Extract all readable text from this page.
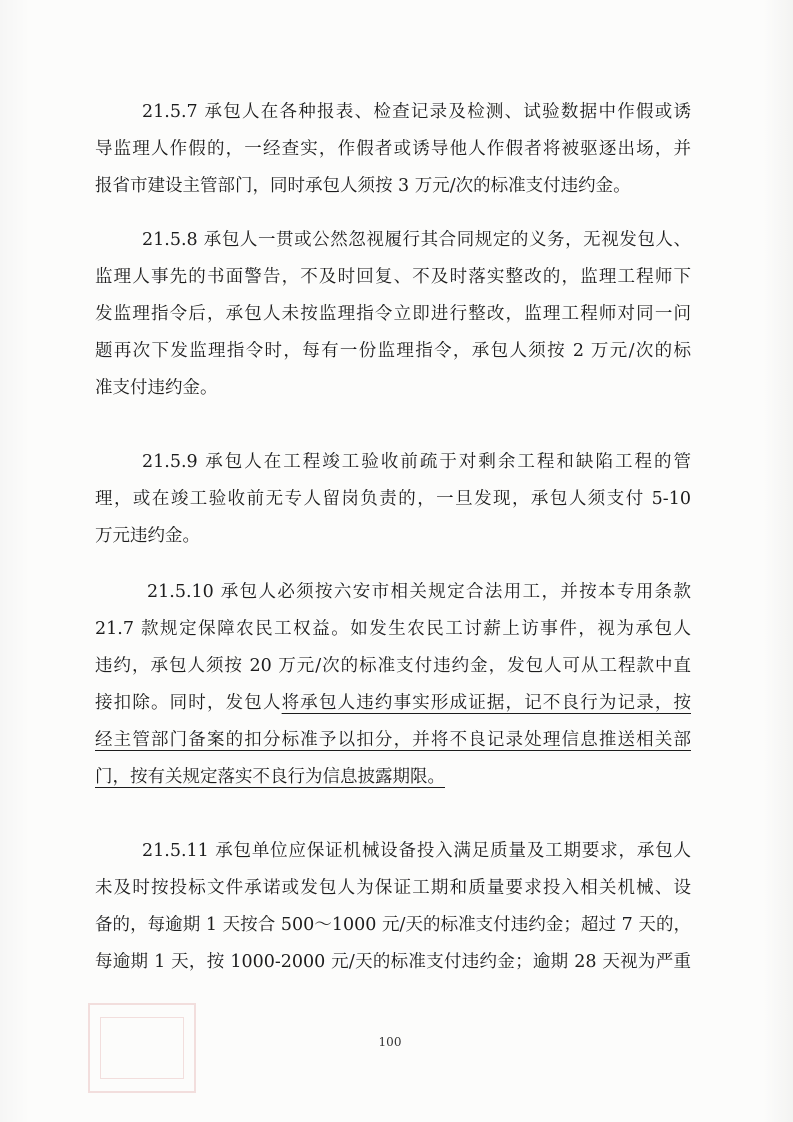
21.5.7 承包人在各种报表、检查记录及检测、试验数据中作假或诱
导监理人作假的，一经查实，作假者或诱导他人作假者将被驱逐出场，并
报省市建设主管部门，同时承包人须按 3 万元/次的标准支付违约金。
21.5.8 承包人一贯或公然忽视履行其合同规定的义务，无视发包人、
监理人事先的书面警告，不及时回复、不及时落实整改的，监理工程师下
发监理指令后，承包人未按监理指令立即进行整改，监理工程师对同一问
题再次下发监理指令时，每有一份监理指令，承包人须按 2 万元/次的标
准支付违约金。
21.5.9 承包人在工程竣工验收前疏于对剩余工程和缺陷工程的管
理，或在竣工验收前无专人留岗负责的，一旦发现，承包人须支付 5-10
万元违约金。
21.5.10 承包人必须按六安市相关规定合法用工，并按本专用条款
21.7 款规定保障农民工权益。如发生农民工讨薪上访事件，视为承包人
违约，承包人须按 20 万元/次的标准支付违约金，发包人可从工程款中直
接扣除。同时，发包人将承包人违约事实形成证据，记不良行为记录，按
经主管部门备案的扣分标准予以扣分，并将不良记录处理信息推送相关部
门，按有关规定落实不良行为信息披露期限。
21.5.11 承包单位应保证机械设备投入满足质量及工期要求，承包人
未及时按投标文件承诺或发包人为保证工期和质量要求投入相关机械、设
备的，每逾期 1 天按合 500～1000 元/天的标准支付违约金；超过 7 天的，
每逾期 1 天，按 1000-2000 元/天的标准支付违约金；逾期 28 天视为严重
100
